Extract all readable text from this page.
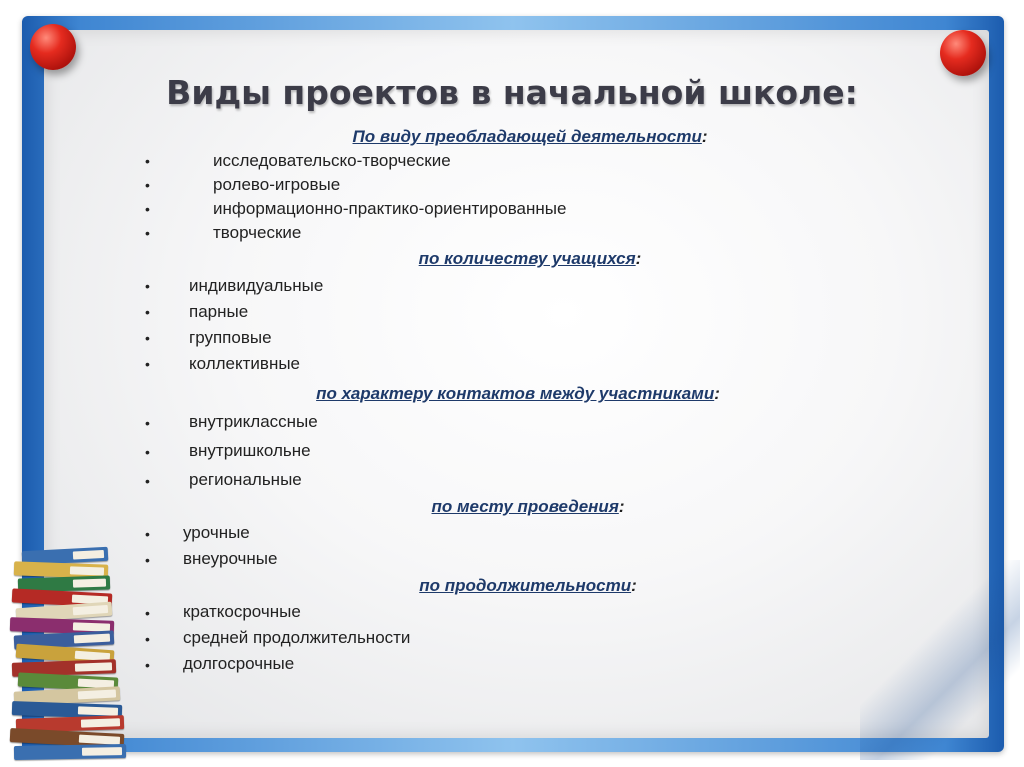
Виды проектов в начальной школе:
По виду преобладающей деятельности:
•	исследовательско-творческие
•	ролево-игровые
•	информационно-практико-ориентированные
•	творческие
по количеству учащихся:
• индивидуальные
• парные
• групповые
• коллективные
по характеру контактов между участниками:
• внутриклассные
• внутришкольне
• региональные
по месту проведения:
• урочные
• внеурочные
по продолжительности:
• краткосрочные
• средней продолжительности
• долгосрочные
